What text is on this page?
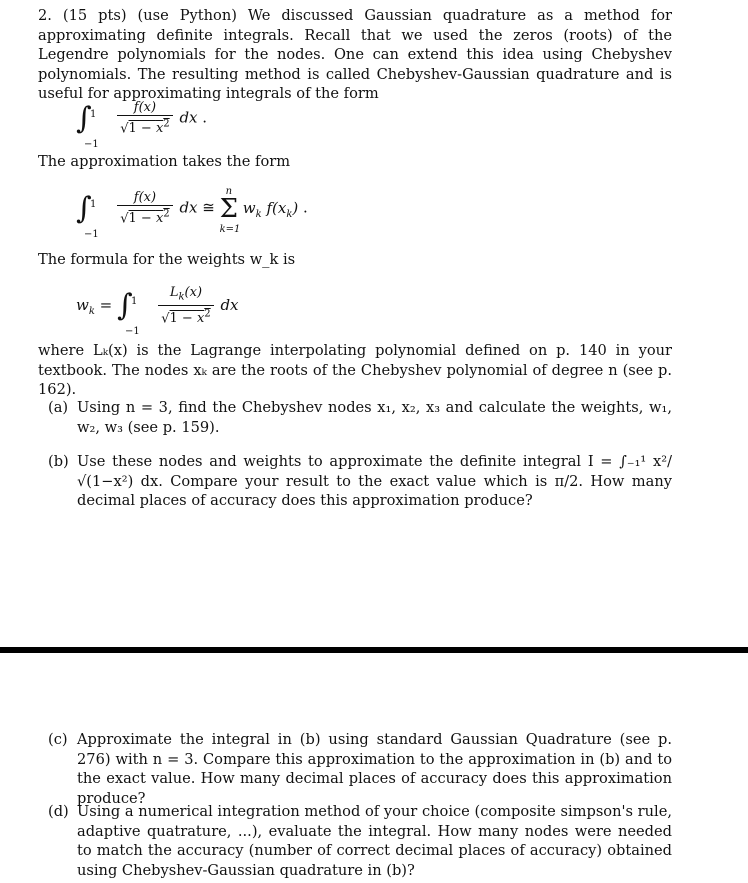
2. (15 pts) (use Python) We discussed Gaussian quadrature as a method for approximating definite integrals. Recall that we used the zeros (roots) of the Legendre polynomials for the nodes. One can extend this idea using Chebyshev polynomials. The resulting method is called Chebyshev-Gaussian quadrature and is useful for approximating integrals of the form

∫
1
−1

$\frac{f(x)}{√1 - x^2}$ dx .

The approximation takes the form

∫
1
−1

$\frac{f(x)}{√1 - x^2}$ dx ≅ Σ
n
k=1
$w_k$ $f(x_k)$ .

The formula for the weights w_k is

$w_k$ = ∫
1
−1

$\frac{L_k(x)}{√1 - x^2}$ dx

where Lₖ(x) is the Lagrange interpolating polynomial defined on p. 140 in your textbook. The nodes xₖ are the roots of the Chebyshev polynomial of degree n (see p. 162).

(a) Using n = 3, find the Chebyshev nodes x₁, x₂, x₃ and calculate the weights, w₁, w₂, w₃ (see p. 159).

(b) Use these nodes and weights to approximate the definite integral I = ∫₋₁¹ x²/√(1−x²) dx. Compare your result to the exact value which is π/2. How many decimal places of accuracy does this approximation produce?

(c) Approximate the integral in (b) using standard Gaussian Quadrature (see p. 276) with n = 3. Compare this approximation to the approximation in (b) and to the exact value. How many decimal places of accuracy does this approximation produce?

(d) Using a numerical integration method of your choice (composite simpson's rule, adaptive quatrature, ...), evaluate the integral. How many nodes were needed to match the accuracy (number of correct decimal places of accuracy) obtained using Chebyshev-Gaussian quadrature in (b)?
